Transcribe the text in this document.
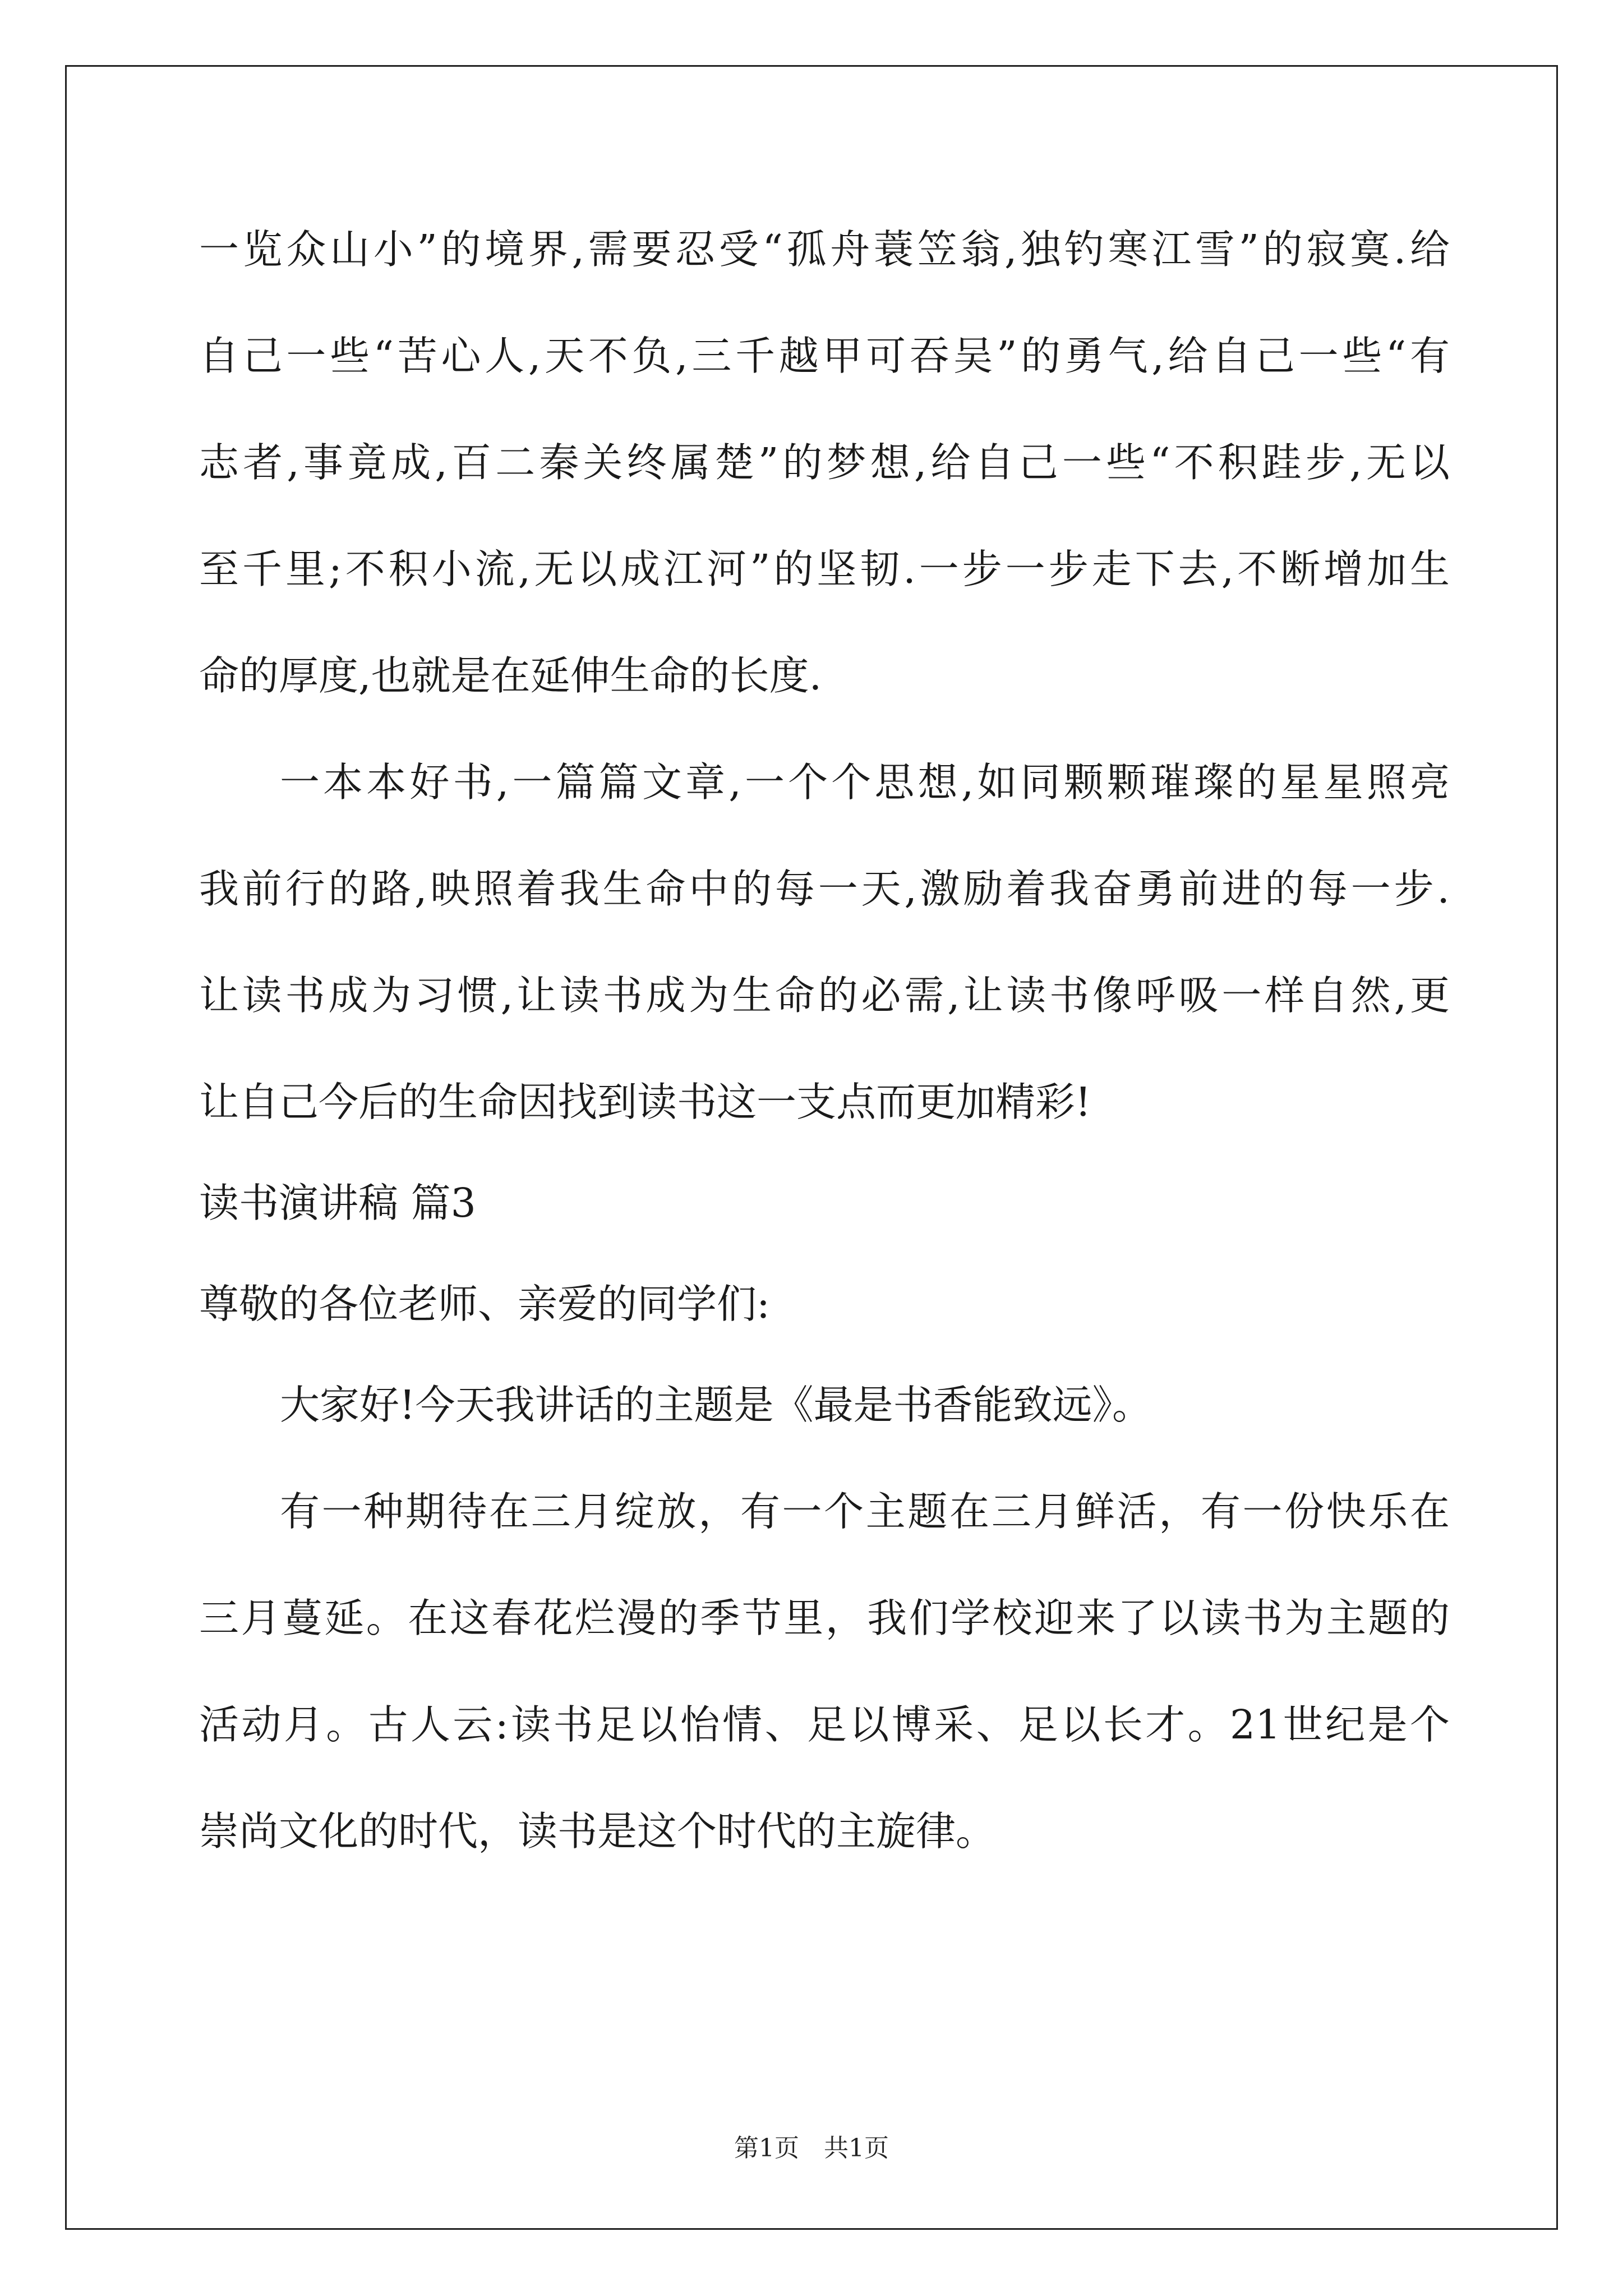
一览众山小”的境界,需要忍受“孤舟蓑笠翁,独钓寒江雪”的寂寞.给
自己一些“苦心人,天不负,三千越甲可吞吴”的勇气,给自己一些“有
志者,事竟成,百二秦关终属楚”的梦想,给自己一些“不积跬步,无以
至千里;不积小流,无以成江河”的坚韧.一步一步走下去,不断增加生
命的厚度,也就是在延伸生命的长度.
一本本好书,一篇篇文章,一个个思想,如同颗颗璀璨的星星照亮
我前行的路,映照着我生命中的每一天,激励着我奋勇前进的每一步.
让读书成为习惯,让读书成为生命的必需,让读书像呼吸一样自然,更
让自己今后的生命因找到读书这一支点而更加精彩!
读书演讲稿 篇3
尊敬的各位老师、亲爱的同学们:
大家好!今天我讲话的主题是《最是书香能致远》。
有一种期待在三月绽放，有一个主题在三月鲜活，有一份快乐在
三月蔓延。在这春花烂漫的季节里，我们学校迎来了以读书为主题的
活动月。古人云:读书足以怡情、足以博采、足以长才。21世纪是个
崇尚文化的时代，读书是这个时代的主旋律。
第1页　共1页
